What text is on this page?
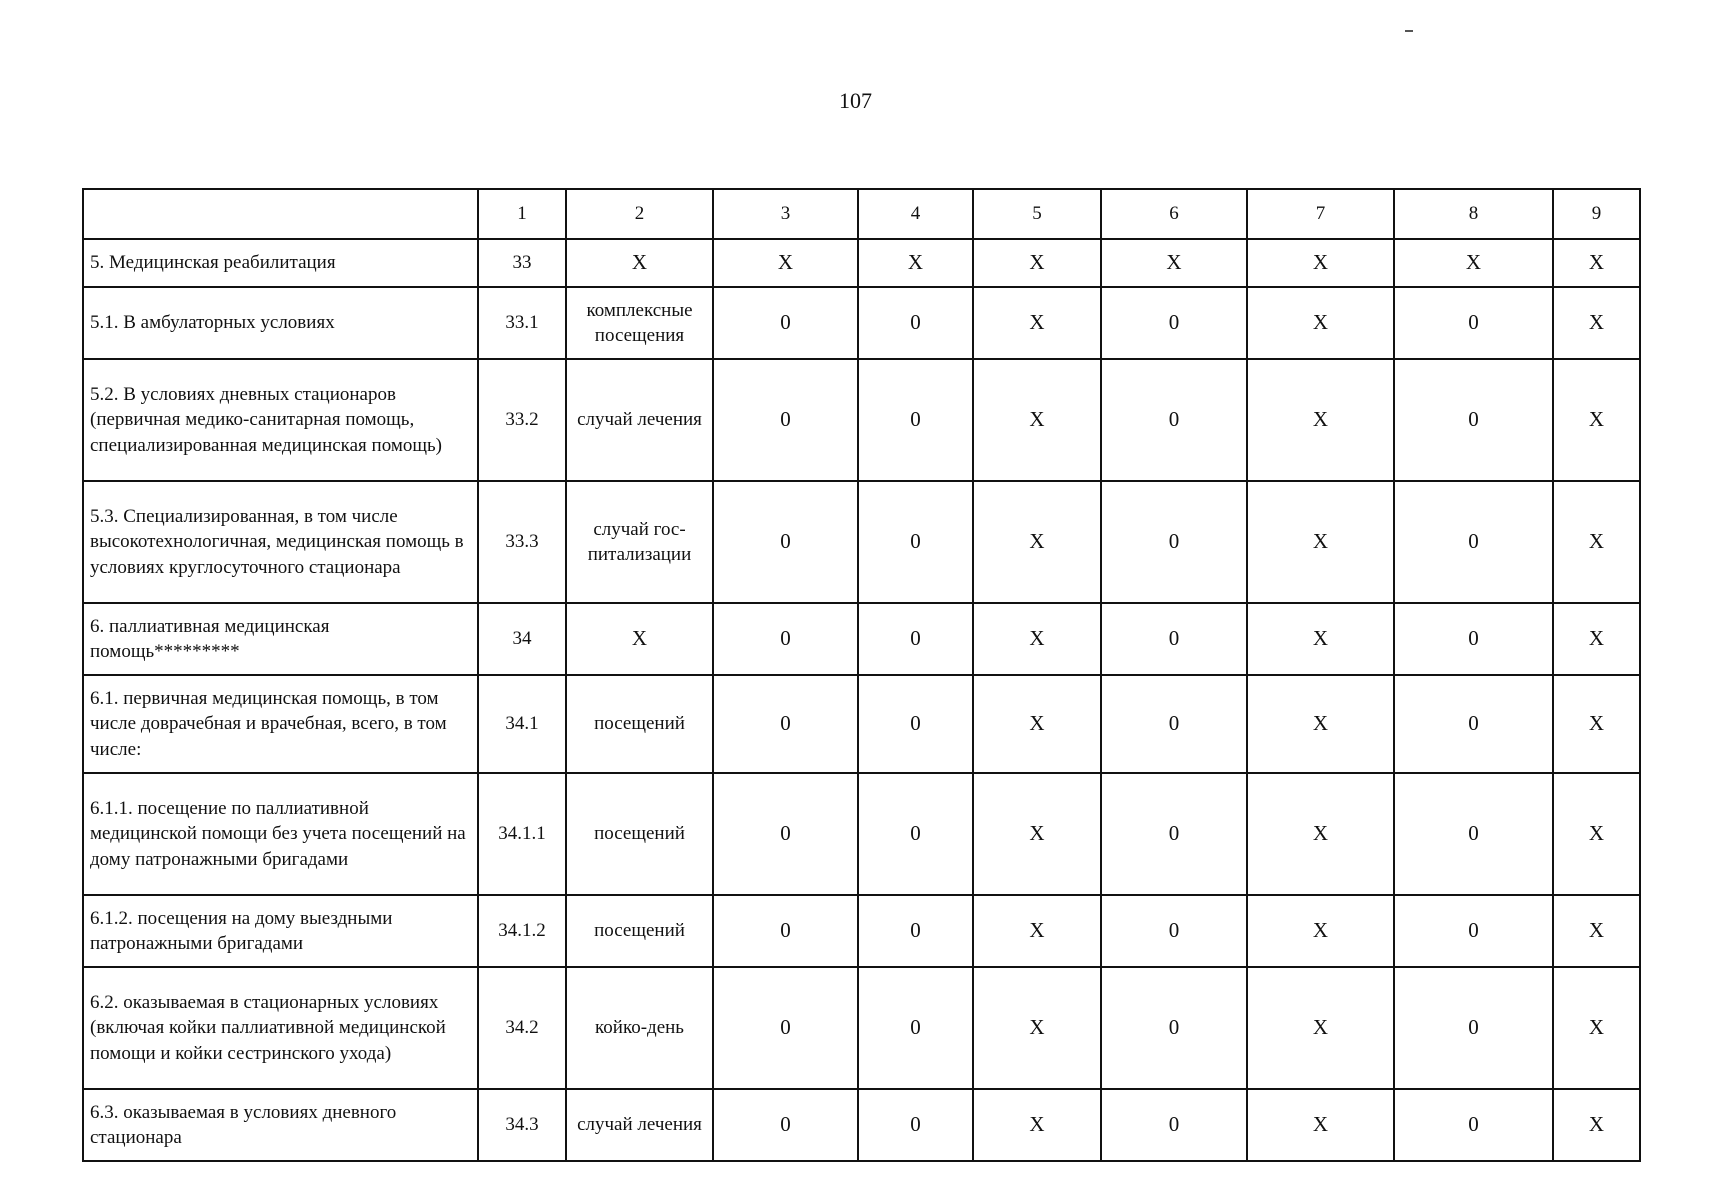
107
	1	2	3	4	5	6	7	8	9
5. Медицинская реабилитация	33	X	X	X	X	X	X	X	X
5.1. В амбулаторных условиях	33.1	комплексные посещения	0	0	X	0	X	0	X
5.2. В условиях дневных стационаров (первичная медико-санитарная помощь, специализированная медицинская помощь)	33.2	случай лечения	0	0	X	0	X	0	X
5.3. Специализированная, в том числе высокотехнологичная, медицинская помощь в условиях круглосуточного стационара	33.3	случай гос-питализации	0	0	X	0	X	0	X
6. паллиативная медицинская помощь*********	34	X	0	0	X	0	X	0	X
6.1. первичная медицинская помощь, в том числе доврачебная и врачебная, всего, в том числе:	34.1	посещений	0	0	X	0	X	0	X
6.1.1. посещение по паллиативной медицинской помощи без учета посещений на дому патронажными бригадами	34.1.1	посещений	0	0	X	0	X	0	X
6.1.2. посещения на дому выездными патронажными бригадами	34.1.2	посещений	0	0	X	0	X	0	X
6.2. оказываемая в стационарных условиях (включая койки паллиативной медицинской помощи и койки сестринского ухода)	34.2	койко-день	0	0	X	0	X	0	X
6.3. оказываемая в условиях дневного стационара	34.3	случай лечения	0	0	X	0	X	0	X
